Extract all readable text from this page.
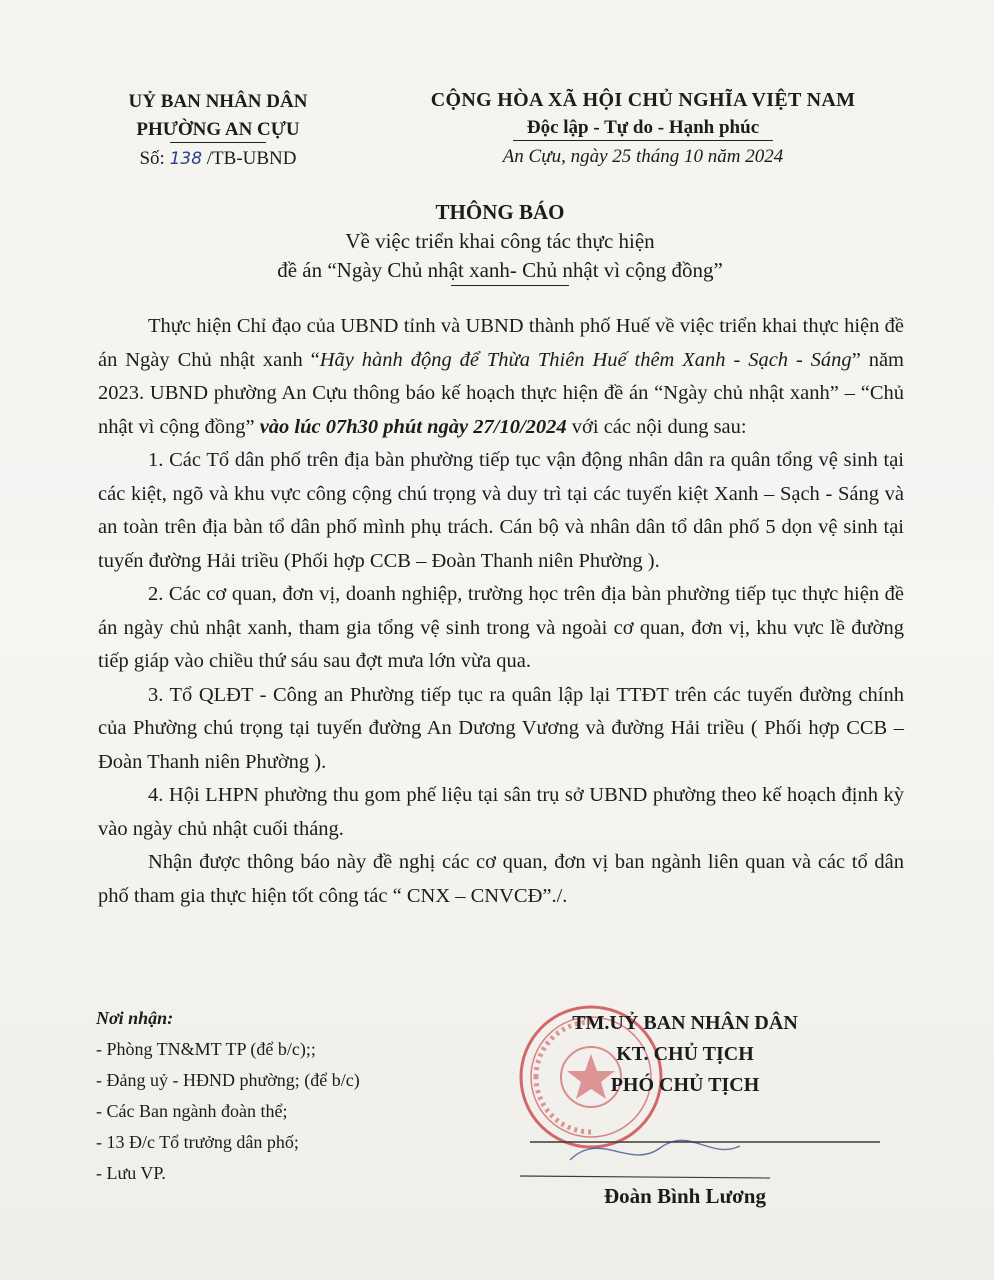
UỶ BAN NHÂN DÂN
PHƯỜNG AN CỰU
Số: 138 /TB-UBND
CỘNG HÒA XÃ HỘI CHỦ NGHĨA VIỆT NAM
Độc lập - Tự do - Hạnh phúc
An Cựu, ngày 25 tháng 10 năm 2024
THÔNG BÁO
Về việc triển khai công tác thực hiện
đề án “Ngày Chủ nhật xanh- Chủ nhật vì cộng đồng”
Thực hiện Chỉ đạo của UBND tỉnh và UBND thành phố Huế về việc triển khai thực hiện đề án Ngày Chủ nhật xanh “Hãy hành động để Thừa Thiên Huế thêm Xanh - Sạch - Sáng” năm 2023. UBND phường An Cựu thông báo kế hoạch thực hiện đề án “Ngày chủ nhật xanh” – “Chủ nhật vì cộng đồng” vào lúc 07h30 phút ngày 27/10/2024 với các nội dung sau:
1. Các Tổ dân phố trên địa bàn phường tiếp tục vận động nhân dân ra quân tổng vệ sinh tại các kiệt, ngõ và khu vực công cộng chú trọng và duy trì tại các tuyến kiệt Xanh – Sạch - Sáng và an toàn trên địa bàn tổ dân phố mình phụ trách. Cán bộ và nhân dân tổ dân phố 5 dọn vệ sinh tại tuyến đường Hải triều (Phối hợp CCB – Đoàn Thanh niên Phường ).
2. Các cơ quan, đơn vị, doanh nghiệp, trường học trên địa bàn phường tiếp tục thực hiện đề án ngày chủ nhật xanh, tham gia tổng vệ sinh trong và ngoài cơ quan, đơn vị, khu vực lề đường tiếp giáp vào chiều thứ sáu sau đợt mưa lớn vừa qua.
3. Tổ QLĐT - Công an Phường tiếp tục ra quân lập lại TTĐT trên các tuyến đường chính của Phường chú trọng tại tuyến đường An Dương Vương và đường Hải triều ( Phối hợp CCB – Đoàn Thanh niên Phường ).
4. Hội LHPN phường thu gom phế liệu tại sân trụ sở UBND phường theo kế hoạch định kỳ vào ngày chủ nhật cuối tháng.
Nhận được thông báo này đề nghị các cơ quan, đơn vị ban ngành liên quan và các tổ dân phố tham gia thực hiện tốt công tác “ CNX – CNVCĐ”./.
Nơi nhận:
- Phòng TN&MT TP (để b/c);;
- Đảng uỷ - HĐND phường; (để b/c)
- Các Ban ngành đoàn thể;
- 13 Đ/c Tổ trưởng dân phố;
- Lưu VP.
TM.UỶ BAN NHÂN DÂN
KT. CHỦ TỊCH
PHÓ CHỦ TỊCH
Đoàn Bình Lương
